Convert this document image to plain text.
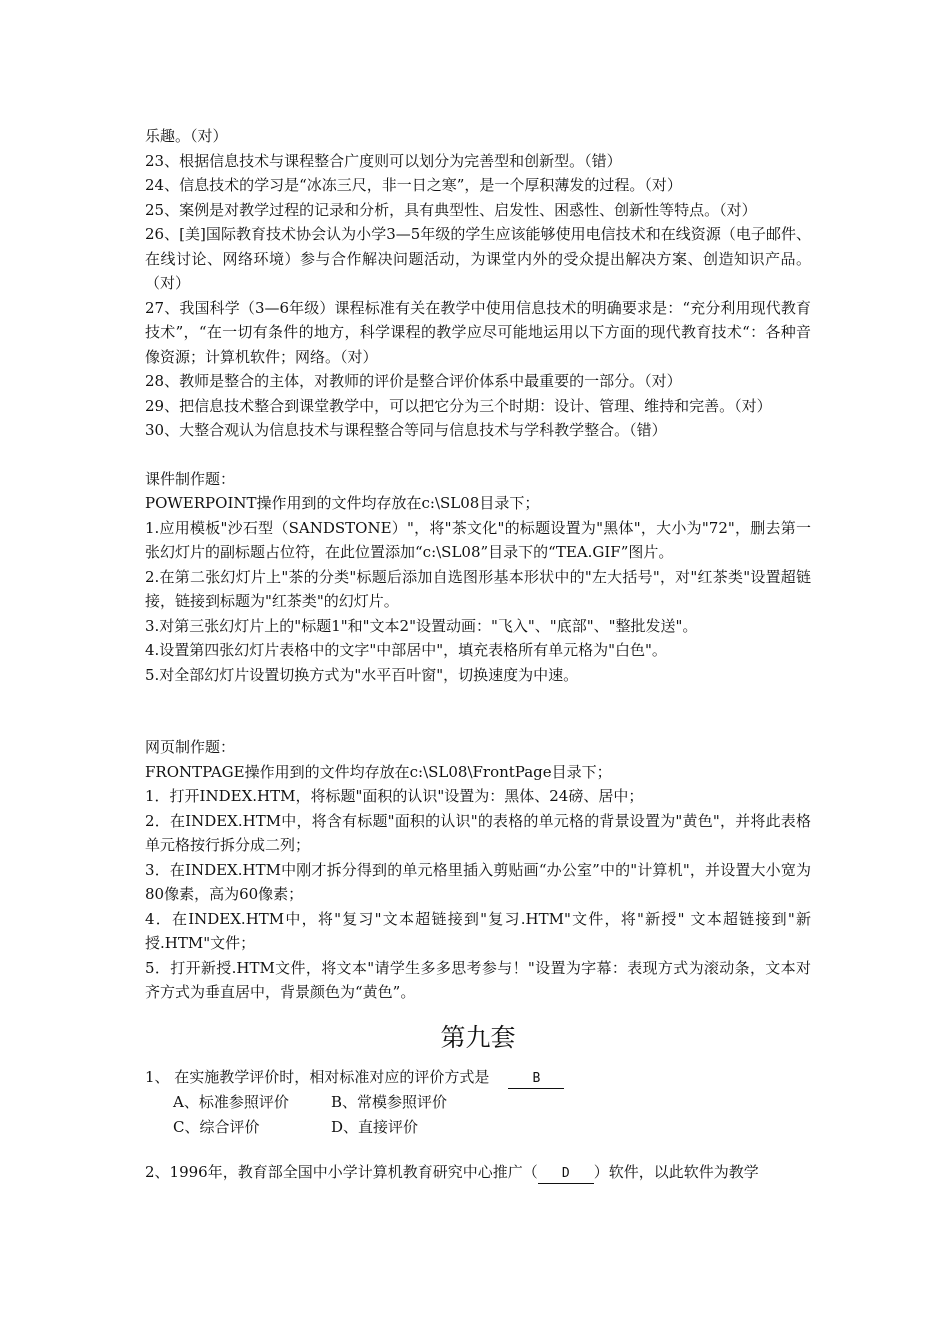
乐趣。（对）

23、根据信息技术与课程整合广度则可以划分为完善型和创新型。（错）

24、信息技术的学习是“冰冻三尺，非一日之寒”，是一个厚积薄发的过程。（对）

25、案例是对教学过程的记录和分析，具有典型性、启发性、困惑性、创新性等特点。（对）

26、[美]国际教育技术协会认为小学3—5年级的学生应该能够使用电信技术和在线资源（电子邮件、在线讨论、网络环境）参与合作解决问题活动，为课堂内外的受众提出解决方案、创造知识产品。（对）

27、我国科学（3—6年级）课程标准有关在教学中使用信息技术的明确要求是：“充分利用现代教育技术”，“在一切有条件的地方，科学课程的教学应尽可能地运用以下方面的现代教育技术“：各种音像资源；计算机软件；网络。（对）

28、教师是整合的主体，对教师的评价是整合评价体系中最重要的一部分。（对）

29、把信息技术整合到课堂教学中，可以把它分为三个时期：设计、管理、维持和完善。（对）

30、大整合观认为信息技术与课程整合等同与信息技术与学科教学整合。（错）

课件制作题：

POWERPOINT操作用到的文件均存放在c:\SL08目录下；

1.应用模板"沙石型（SANDSTONE）"，将"茶文化"的标题设置为"黑体"，大小为"72"，删去第一张幻灯片的副标题占位符，在此位置添加“c:\SL08”目录下的“TEA.GIF”图片。

2.在第二张幻灯片上"茶的分类"标题后添加自选图形基本形状中的"左大括号"，对"红茶类"设置超链接，链接到标题为"红茶类"的幻灯片。

3.对第三张幻灯片上的"标题1"和"文本2"设置动画："飞入"、"底部"、"整批发送"。

4.设置第四张幻灯片表格中的文字"中部居中"，填充表格所有单元格为"白色"。

5.对全部幻灯片设置切换方式为"水平百叶窗"，切换速度为中速。

网页制作题：

FRONTPAGE操作用到的文件均存放在c:\SL08\FrontPage目录下；

1．打开INDEX.HTM，将标题"面积的认识"设置为：黑体、24磅、居中；

2．在INDEX.HTM中，将含有标题"面积的认识"的表格的单元格的背景设置为"黄色"，并将此表格单元格按行拆分成二列；

3．在INDEX.HTM中刚才拆分得到的单元格里插入剪贴画“办公室”中的"计算机"，并设置大小宽为80像素，高为60像素；

4．在INDEX.HTM中，将"复习"文本超链接到"复习.HTM"文件，将"新授" 文本超链接到"新授.HTM"文件；

5．打开新授.HTM文件，将文本"请学生多多思考参与！"设置为字幕：表现方式为滚动条，文本对齐方式为垂直居中，背景颜色为“黄色”。

第九套

1、 在实施教学评价时，相对标准对应的评价方式是	B

A、标准参照评价	B、常模参照评价

C、综合评价	D、直接评价

2、1996年，教育部全国中小学计算机教育研究中心推广（ D ）软件，以此软件为教学
